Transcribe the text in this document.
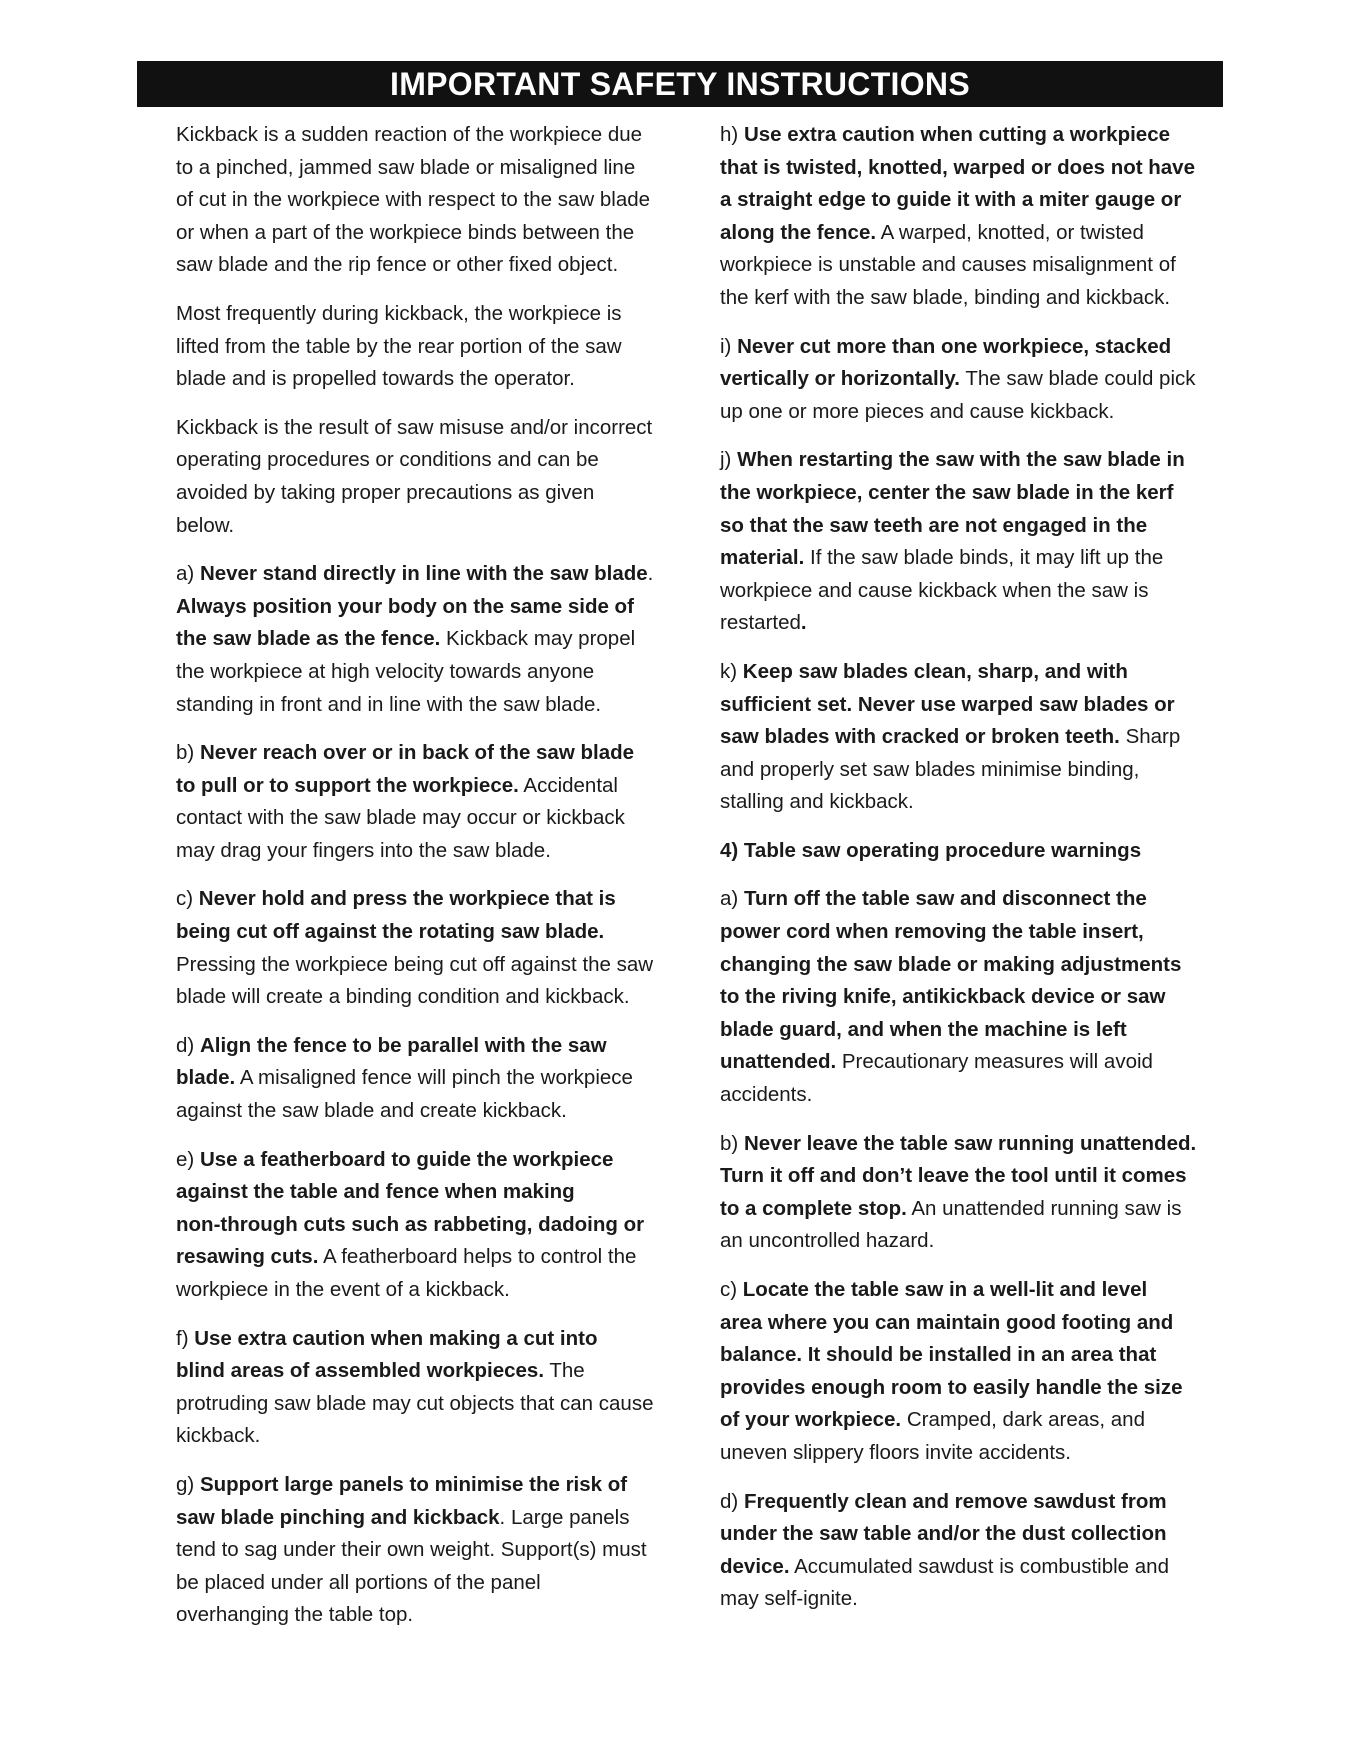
IMPORTANT SAFETY INSTRUCTIONS
Kickback is a sudden reaction of the workpiece due
to a pinched, jammed saw blade or misaligned line
of cut in the workpiece with respect to the saw blade
or when a part of the workpiece binds between the
saw blade and the rip fence or other fixed object.
Most frequently during kickback, the workpiece is
lifted from the table by the rear portion of the saw
blade and is propelled towards the operator.
Kickback is the result of saw misuse and/or incorrect
operating procedures or conditions and can be
avoided by taking proper precautions as given
below.
a) Never stand directly in line with the saw blade.
Always position your body on the same side of
the saw blade as the fence. Kickback may propel
the workpiece at high velocity towards anyone
standing in front and in line with the saw blade.
b) Never reach over or in back of the saw blade
to pull or to support the workpiece. Accidental
contact with the saw blade may occur or kickback
may drag your fingers into the saw blade.
c) Never hold and press the workpiece that is
being cut off against the rotating saw blade.
Pressing the workpiece being cut off against the saw
blade will create a binding condition and kickback.
d) Align the fence to be parallel with the saw
blade. A misaligned fence will pinch the workpiece
against the saw blade and create kickback.
e) Use a featherboard to guide the workpiece
against the table and fence when making
non-through cuts such as rabbeting, dadoing or
resawing cuts. A featherboard helps to control the
workpiece in the event of a kickback.
f) Use extra caution when making a cut into
blind areas of assembled workpieces. The
protruding saw blade may cut objects that can cause
kickback.
g) Support large panels to minimise the risk of
saw blade pinching and kickback. Large panels
tend to sag under their own weight. Support(s) must
be placed under all portions of the panel
overhanging the table top.
h) Use extra caution when cutting a workpiece
that is twisted, knotted, warped or does not have
a straight edge to guide it with a miter gauge or
along the fence. A warped, knotted, or twisted
workpiece is unstable and causes misalignment of
the kerf with the saw blade, binding and kickback.
i) Never cut more than one workpiece, stacked
vertically or horizontally. The saw blade could pick
up one or more pieces and cause kickback.
j) When restarting the saw with the saw blade in
the workpiece, center the saw blade in the kerf
so that the saw teeth are not engaged in the
material. If the saw blade binds, it may lift up the
workpiece and cause kickback when the saw is
restarted.
k) Keep saw blades clean, sharp, and with
sufficient set. Never use warped saw blades or
saw blades with cracked or broken teeth. Sharp
and properly set saw blades minimise binding,
stalling and kickback.
4) Table saw operating procedure warnings
a) Turn off the table saw and disconnect the
power cord when removing the table insert,
changing the saw blade or making adjustments
to the riving knife, antikickback device or saw
blade guard, and when the machine is left
unattended. Precautionary measures will avoid
accidents.
b) Never leave the table saw running unattended.
Turn it off and don’t leave the tool until it comes
to a complete stop. An unattended running saw is
an uncontrolled hazard.
c) Locate the table saw in a well-lit and level
area where you can maintain good footing and
balance. It should be installed in an area that
provides enough room to easily handle the size
of your workpiece. Cramped, dark areas, and
uneven slippery floors invite accidents.
d) Frequently clean and remove sawdust from
under the saw table and/or the dust collection
device. Accumulated sawdust is combustible and
may self-ignite.
